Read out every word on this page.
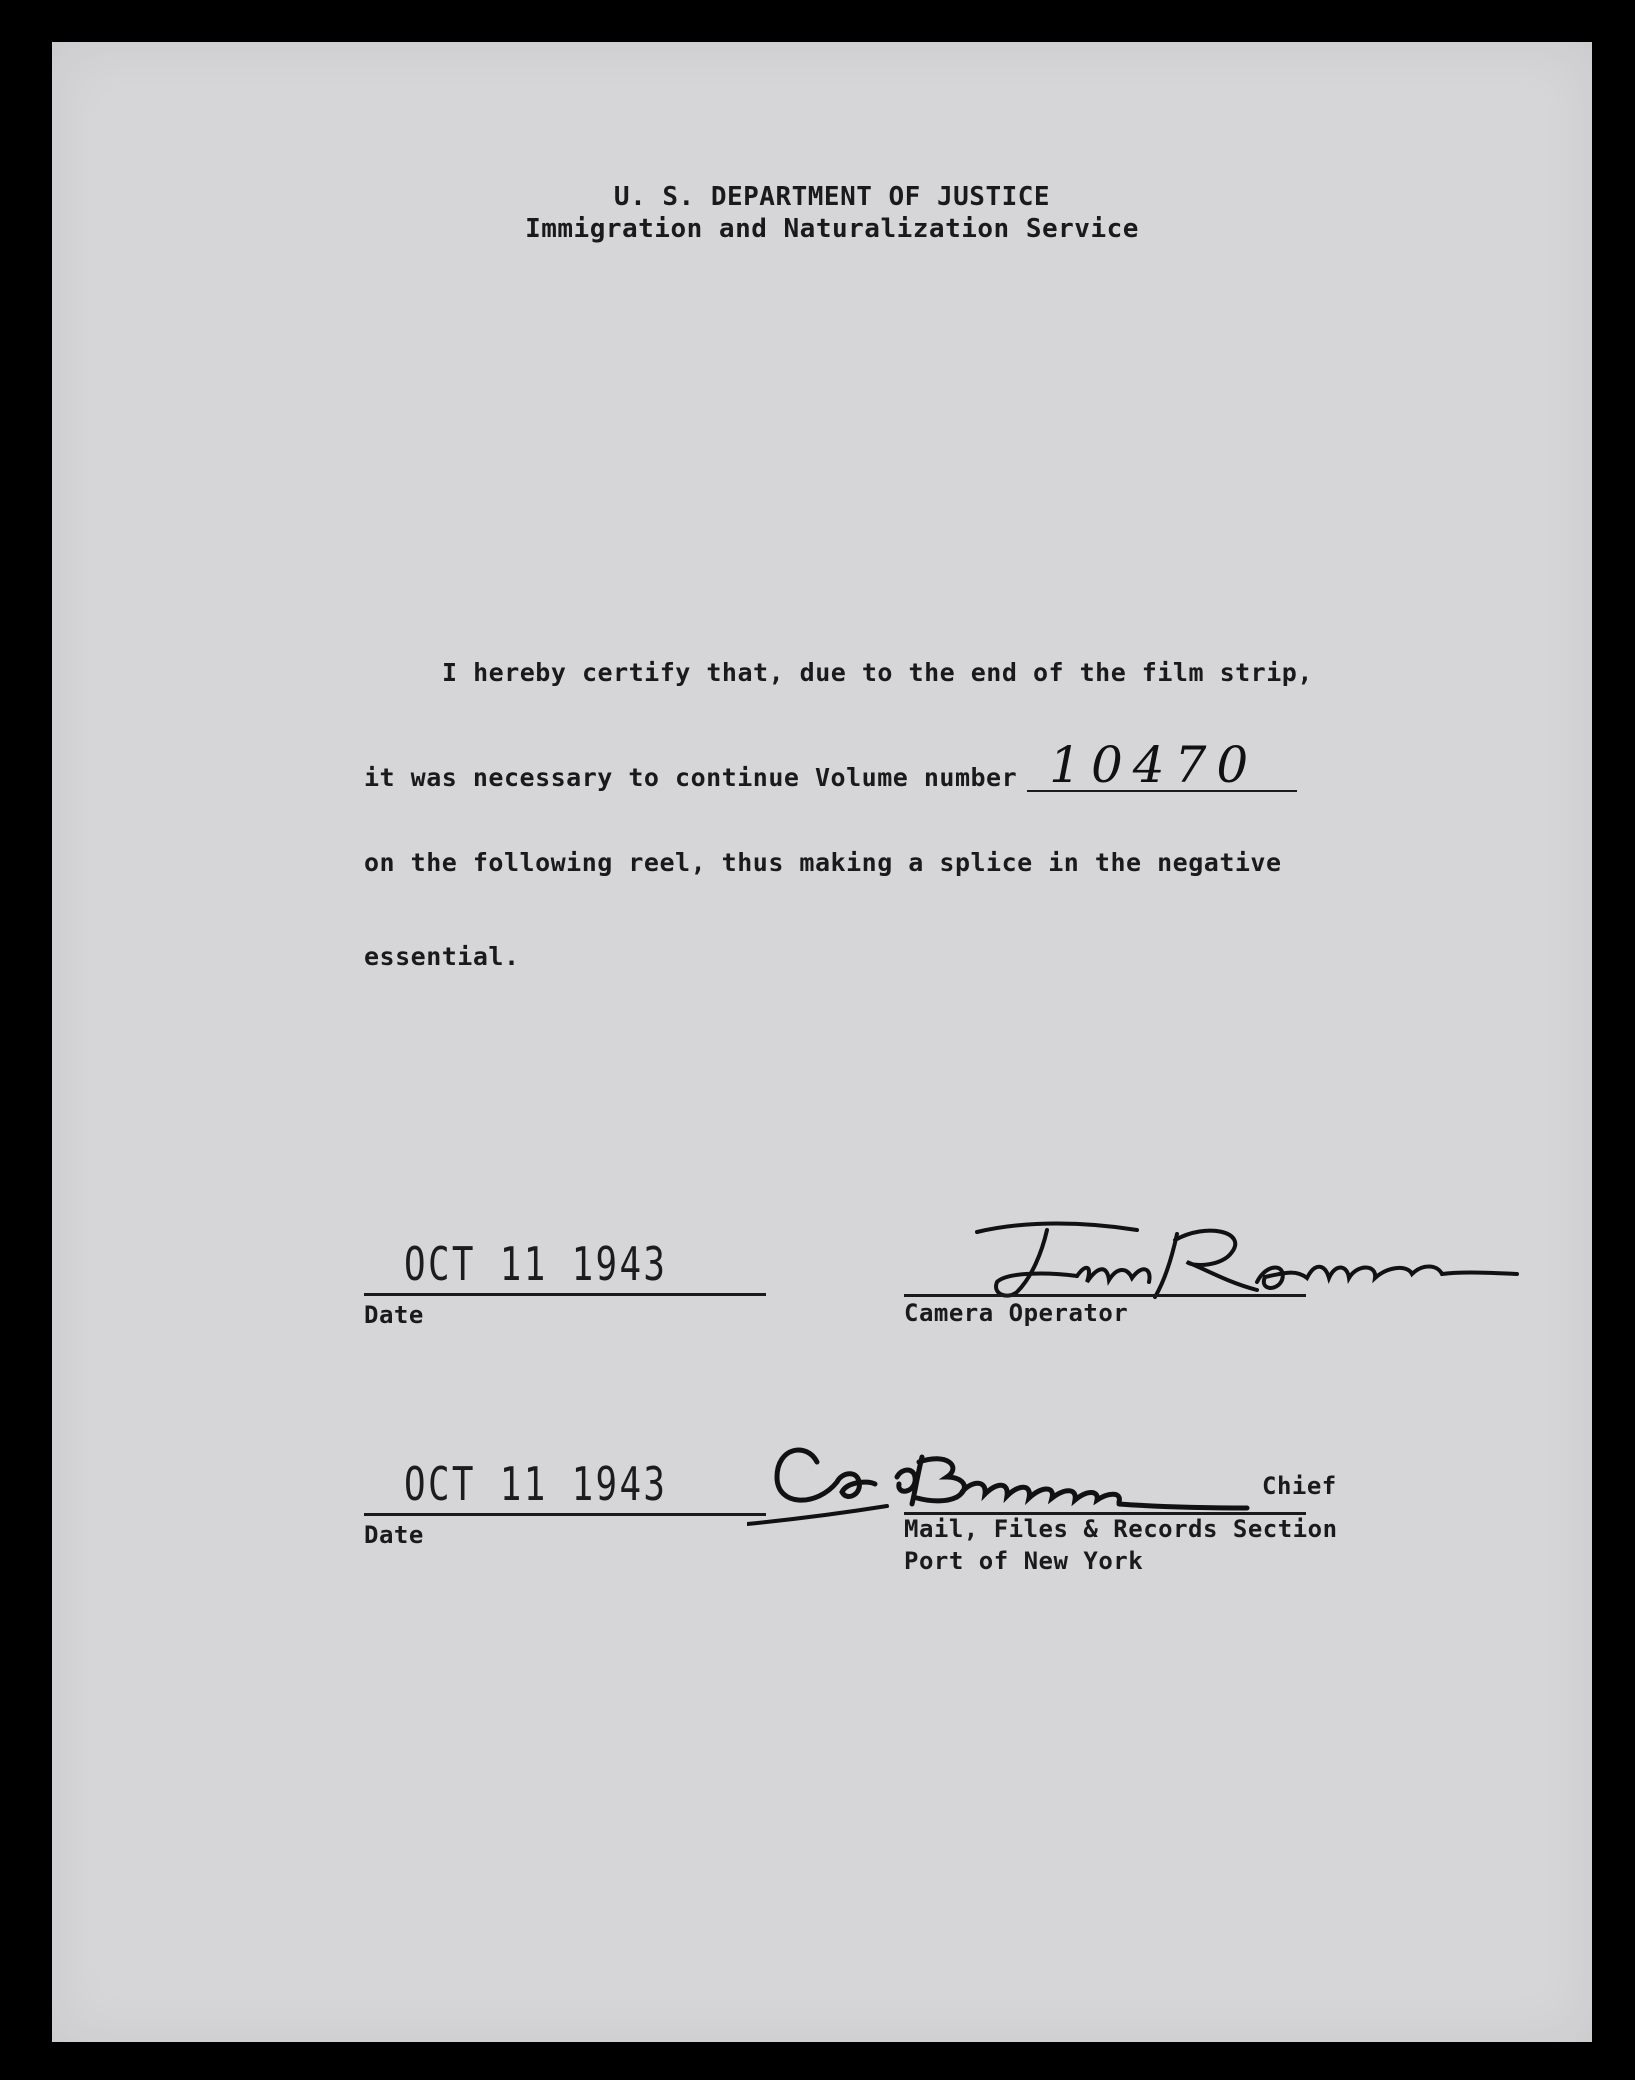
U. S. DEPARTMENT OF JUSTICE
Immigration and Naturalization Service
I hereby certify that, due to the end of the film strip,
it was necessary to continue Volume number 10470
on the following reel, thus making a splice in the negative
essential.
OCT 11 1943
Date	Camera Operator
OCT 11 1943
Date
Chief
Mail, Files & Records Section
Port of New York
